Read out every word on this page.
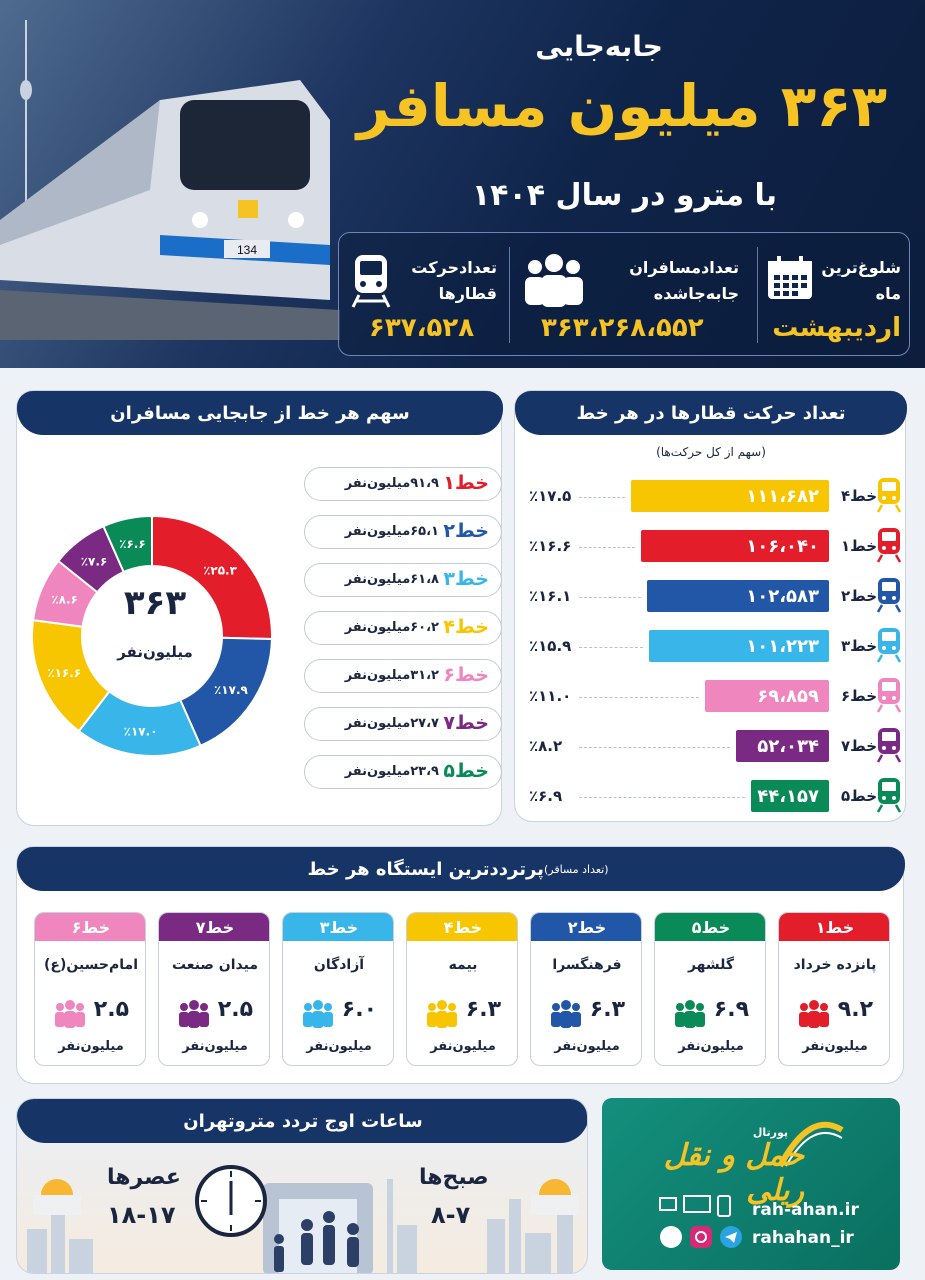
134
جابه‌جایی
۳۶۳ میلیون مسافر
با مترو در سال ۱۴۰۴
شلوغ‌ترین
ماه
اردیبهشت
تعدادمسافران
جابه‌جاشده
۳۶۳،۲۶۸،۵۵۲
تعدادحرکت
قطارها
۶۳۷،۵۲۸
تعداد حرکت قطارها در هر خط
(سهم از کل حرکت‌ها)
٪۱۷.۵	۱۱۱،۶۸۲	خط۴
٪۱۶.۶	۱۰۶،۰۴۰	خط۱
٪۱۶.۱	۱۰۲،۵۸۳	خط۲
٪۱۵.۹	۱۰۱،۲۲۳	خط۳
٪۱۱.۰	۶۹،۸۵۹	خط۶
٪۸.۲	۵۲،۰۳۴	خط۷
٪۶.۹	۴۴،۱۵۷	خط۵
سهم هر خط از جابجایی مسافران
٪۲۵.۳
٪۱۷.۹
٪۱۷.۰
٪۱۶.۶
٪۸.۶
٪۷.۶
٪۶.۶
۳۶۳
میلیون‌نفر
خط۱
۹۱،۹میلیون‌نفر
خط۲
۶۵،۱میلیون‌نفر
خط۳
۶۱،۸میلیون‌نفر
خط۴
۶۰،۲میلیون‌نفر
خط۶
۳۱،۲میلیون‌نفر
خط۷
۲۷،۷میلیون‌نفر
خط۵
۲۳،۹میلیون‌نفر
پرترددترین ایستگاه هر خط (تعداد مسافر)
خط۱
پانزده خرداد
۹.۲
میلیون‌نفر
خط۵
گلشهر
۶.۹
میلیون‌نفر
خط۲
فرهنگسرا
۶.۳
میلیون‌نفر
خط۴
بیمه
۶.۳
میلیون‌نفر
خط۳
آزادگان
۶.۰
میلیون‌نفر
خط۷
میدان صنعت
۲.۵
میلیون‌نفر
خط۶
امام‌حسین(ع)
۲.۵
میلیون‌نفر
ساعات اوج تردد متروتهران
عصرها
۱۸-۱۷
صبح‌ها
۸-۷
پورتال
حمل و نقل ریلی
rah-ahan.ir
rahahan_ir
